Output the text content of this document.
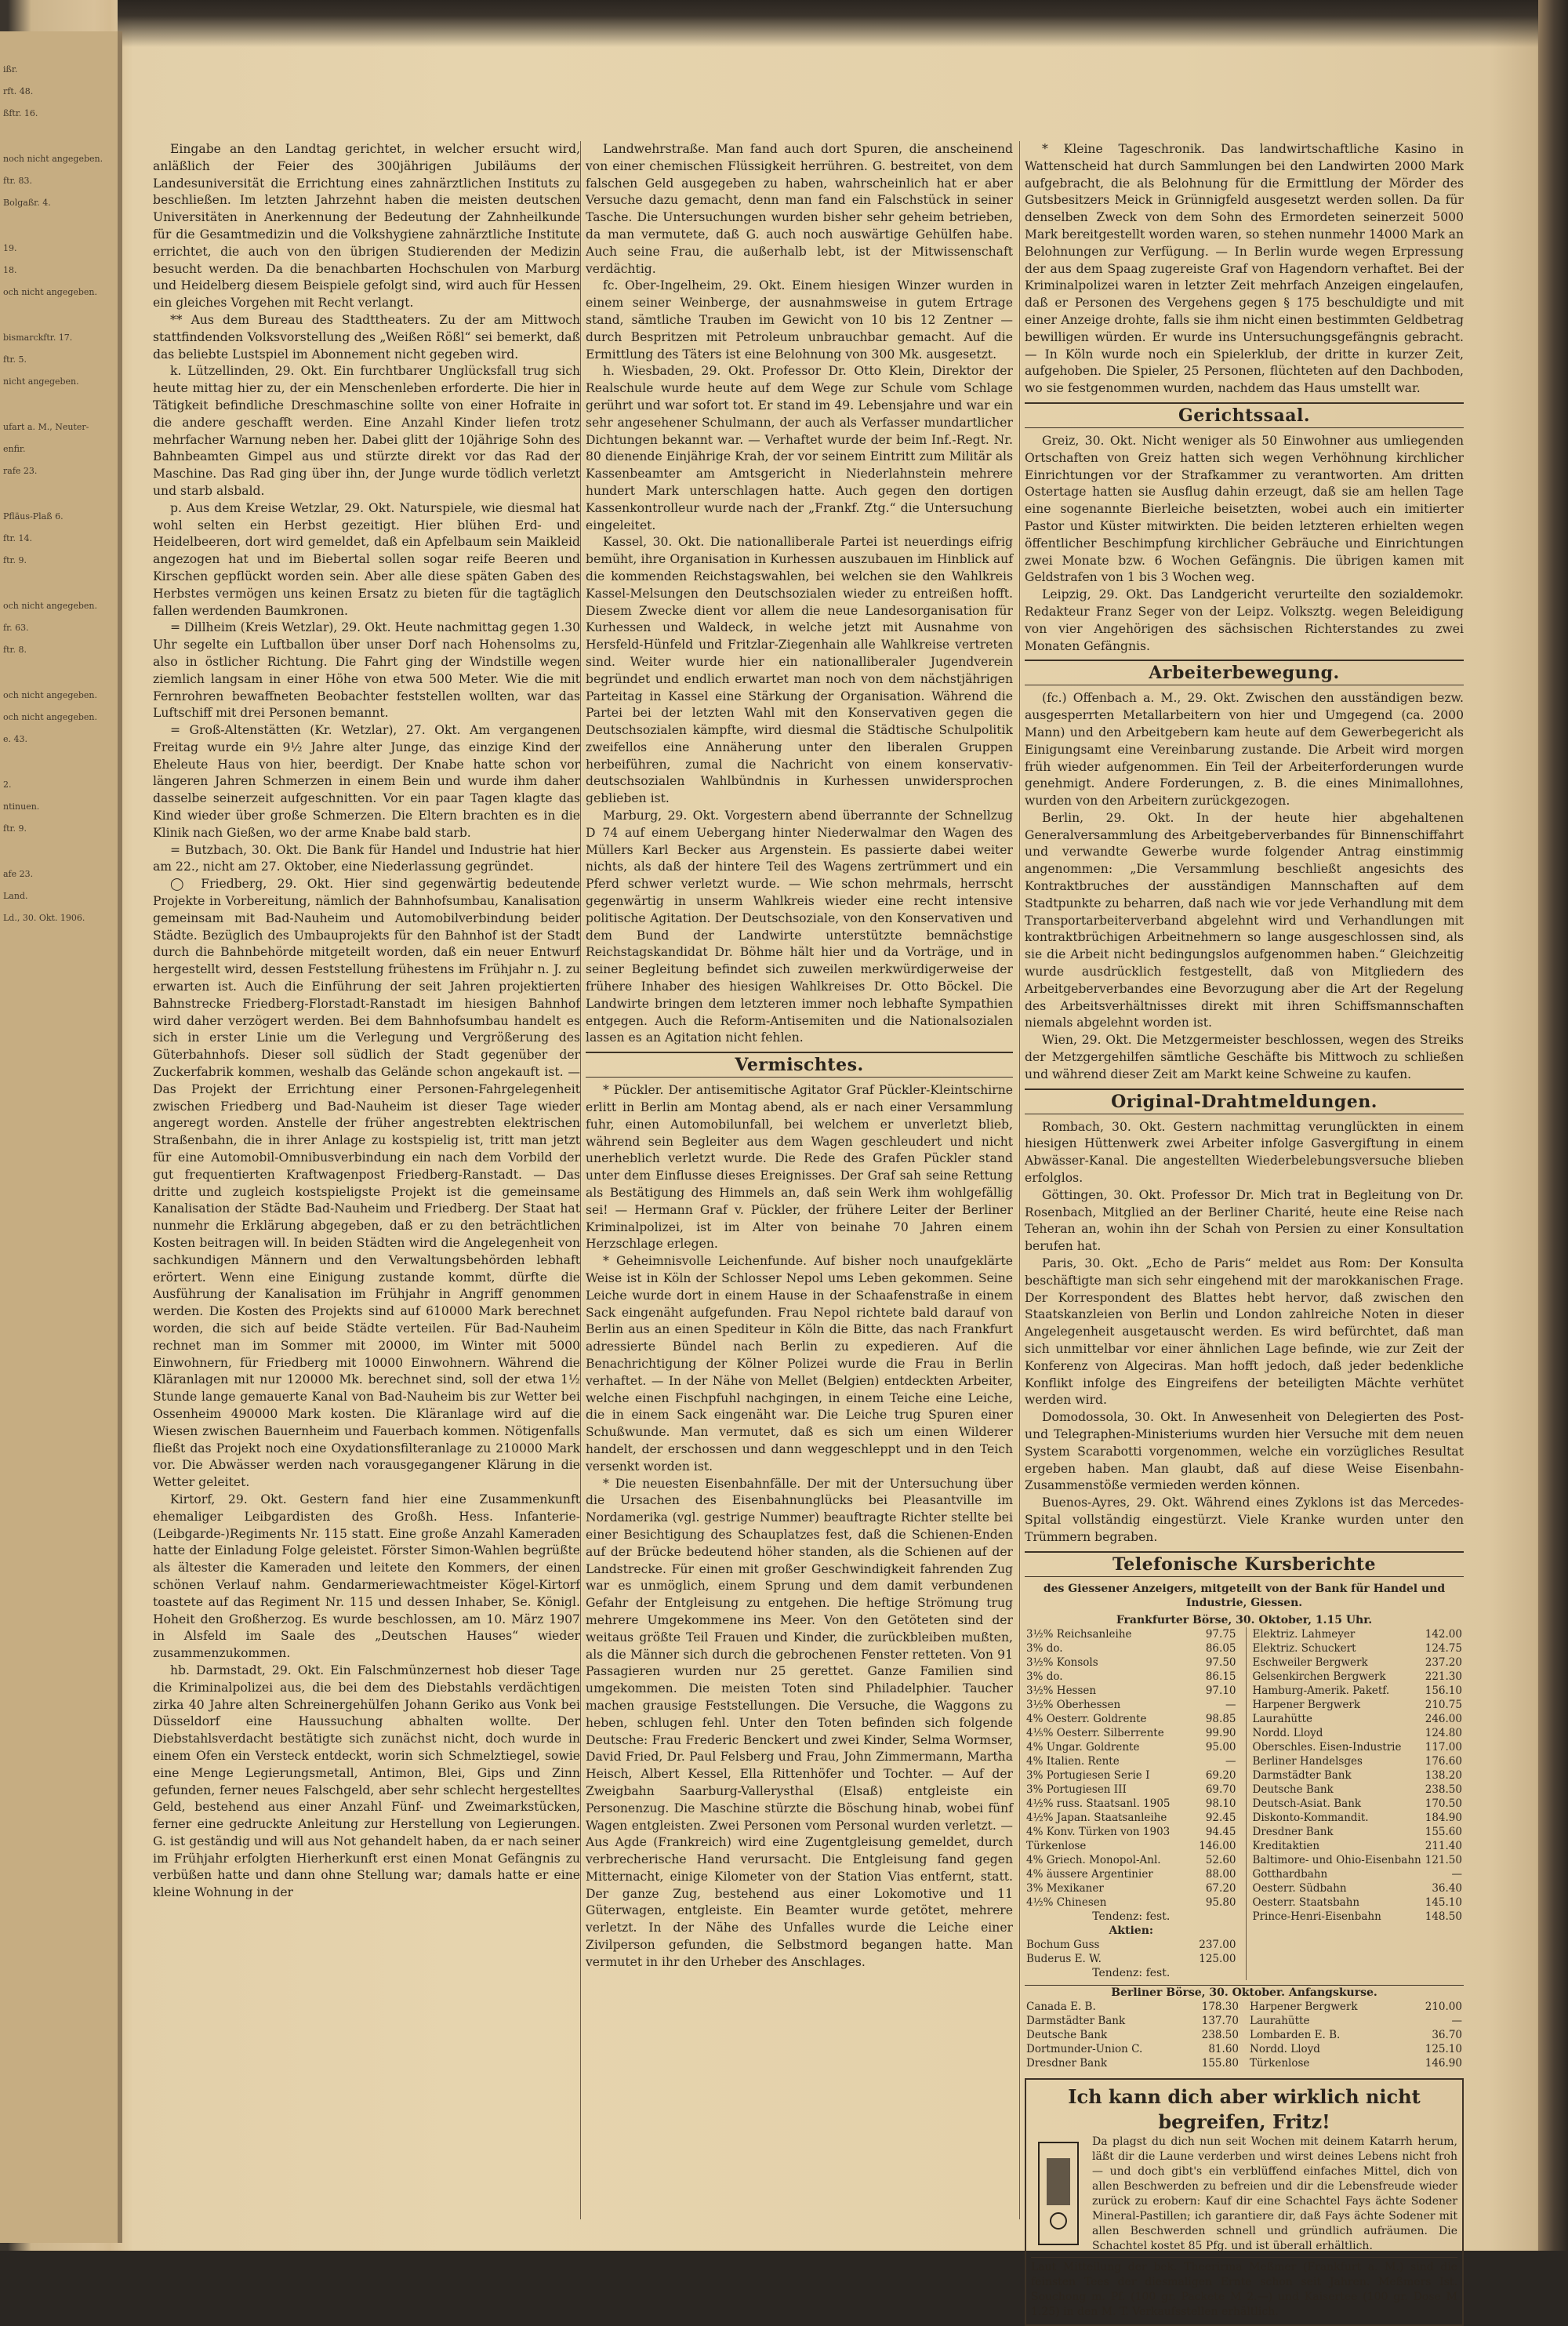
ißr.
rft. 48.
ßftr. 16.
noch nicht angegeben.
ftr. 83.
Bolgaßr. 4.
19.
18.
och nicht angegeben.
bismarckftr. 17.
ftr. 5.
nicht angegeben.
ufart a. M., Neuter-
enfir.
rafe 23.
Pfläus-Plaß 6.
ftr. 14.
ftr. 9.
och nicht angegeben.
fr. 63.
ftr. 8.
och nicht angegeben.
och nicht angegeben.
e. 43.
2.
ntinuen.
ftr. 9.
afe 23.
Land.
Ld., 30. Okt. 1906.

Eingabe an den Landtag gerichtet, in welcher ersucht wird, anläßlich der Feier des 300jährigen Jubiläums der Landesuniversität die Errichtung eines zahnärztlichen Instituts zu beschließen. Im letzten Jahrzehnt haben die meisten deutschen Universitäten in Anerkennung der Bedeutung der Zahnheilkunde für die Gesamtmedizin und die Volkshygiene zahnärztliche Institute errichtet, die auch von den übrigen Studierenden der Medizin besucht werden. Da die benachbarten Hochschulen von Marburg und Heidelberg diesem Beispiele gefolgt sind, wird auch für Hessen ein gleiches Vorgehen mit Recht verlangt.

** Aus dem Bureau des Stadttheaters. Zu der am Mittwoch stattfindenden Volksvorstellung des „Weißen Rößl“ sei bemerkt, daß das beliebte Lustspiel im Abonnement nicht gegeben wird.

k. Lützellinden, 29. Okt. Ein furchtbarer Unglücksfall trug sich heute mittag hier zu, der ein Menschenleben erforderte. Die hier in Tätigkeit befindliche Dreschmaschine sollte von einer Hofraite in die andere geschafft werden. Eine Anzahl Kinder liefen trotz mehrfacher Warnung neben her. Dabei glitt der 10jährige Sohn des Bahnbeamten Gimpel aus und stürzte direkt vor das Rad der Maschine. Das Rad ging über ihn, der Junge wurde tödlich verletzt und starb alsbald.

p. Aus dem Kreise Wetzlar, 29. Okt. Naturspiele, wie diesmal hat wohl selten ein Herbst gezeitigt. Hier blühen Erd- und Heidelbeeren, dort wird gemeldet, daß ein Apfelbaum sein Maikleid angezogen hat und im Biebertal sollen sogar reife Beeren und Kirschen gepflückt worden sein. Aber alle diese späten Gaben des Herbstes vermögen uns keinen Ersatz zu bieten für die tagtäglich fallen werdenden Baumkronen.

= Dillheim (Kreis Wetzlar), 29. Okt. Heute nachmittag gegen 1.30 Uhr segelte ein Luftballon über unser Dorf nach Hohensolms zu, also in östlicher Richtung. Die Fahrt ging der Windstille wegen ziemlich langsam in einer Höhe von etwa 500 Meter. Wie die mit Fernrohren bewaffneten Beobachter feststellen wollten, war das Luftschiff mit drei Personen bemannt.

= Groß-Altenstätten (Kr. Wetzlar), 27. Okt. Am vergangenen Freitag wurde ein 9½ Jahre alter Junge, das einzige Kind der Eheleute Haus von hier, beerdigt. Der Knabe hatte schon vor längeren Jahren Schmerzen in einem Bein und wurde ihm daher dasselbe seinerzeit aufgeschnitten. Vor ein paar Tagen klagte das Kind wieder über große Schmerzen. Die Eltern brachten es in die Klinik nach Gießen, wo der arme Knabe bald starb.

= Butzbach, 30. Okt. Die Bank für Handel und Industrie hat hier am 22., nicht am 27. Oktober, eine Niederlassung gegründet.

◯ Friedberg, 29. Okt. Hier sind gegenwärtig bedeutende Projekte in Vorbereitung, nämlich der Bahnhofsumbau, Kanalisation gemeinsam mit Bad-Nauheim und Automobilverbindung beider Städte. Bezüglich des Umbauprojekts für den Bahnhof ist der Stadt durch die Bahnbehörde mitgeteilt worden, daß ein neuer Entwurf hergestellt wird, dessen Feststellung frühestens im Frühjahr n. J. zu erwarten ist. Auch die Einführung der seit Jahren projektierten Bahnstrecke Friedberg-Florstadt-Ranstadt im hiesigen Bahnhof wird daher verzögert werden. Bei dem Bahnhofsumbau handelt es sich in erster Linie um die Verlegung und Vergrößerung des Güterbahnhofs. Dieser soll südlich der Stadt gegenüber der Zuckerfabrik kommen, weshalb das Gelände schon angekauft ist. — Das Projekt der Errichtung einer Personen-Fahrgelegenheit zwischen Friedberg und Bad-Nauheim ist dieser Tage wieder angeregt worden. Anstelle der früher angestrebten elektrischen Straßenbahn, die in ihrer Anlage zu kostspielig ist, tritt man jetzt für eine Automobil-Omnibusverbindung ein nach dem Vorbild der gut frequentierten Kraftwagenpost Friedberg-Ranstadt. — Das dritte und zugleich kostspieligste Projekt ist die gemeinsame Kanalisation der Städte Bad-Nauheim und Friedberg. Der Staat hat nunmehr die Erklärung abgegeben, daß er zu den beträchtlichen Kosten beitragen will. In beiden Städten wird die Angelegenheit von sachkundigen Männern und den Verwaltungsbehörden lebhaft erörtert. Wenn eine Einigung zustande kommt, dürfte die Ausführung der Kanalisation im Frühjahr in Angriff genommen werden. Die Kosten des Projekts sind auf 610000 Mark berechnet worden, die sich auf beide Städte verteilen. Für Bad-Nauheim rechnet man im Sommer mit 20000, im Winter mit 5000 Einwohnern, für Friedberg mit 10000 Einwohnern. Während die Kläranlagen mit nur 120000 Mk. berechnet sind, soll der etwa 1½ Stunde lange gemauerte Kanal von Bad-Nauheim bis zur Wetter bei Ossenheim 490000 Mark kosten. Die Kläranlage wird auf die Wiesen zwischen Bauernheim und Fauerbach kommen. Nötigenfalls fließt das Projekt noch eine Oxydationsfilteranlage zu 210000 Mark vor. Die Abwässer werden nach vorausgegangener Klärung in die Wetter geleitet.

Kirtorf, 29. Okt. Gestern fand hier eine Zusammenkunft ehemaliger Leibgardisten des Großh. Hess. Infanterie-(Leibgarde-)Regiments Nr. 115 statt. Eine große Anzahl Kameraden hatte der Einladung Folge geleistet. Förster Simon-Wahlen begrüßte als ältester die Kameraden und leitete den Kommers, der einen schönen Verlauf nahm. Gendarmeriewachtmeister Kögel-Kirtorf toastete auf das Regiment Nr. 115 und dessen Inhaber, Se. Königl. Hoheit den Großherzog. Es wurde beschlossen, am 10. März 1907 in Alsfeld im Saale des „Deutschen Hauses“ wieder zusammenzukommen.

hb. Darmstadt, 29. Okt. Ein Falschmünzernest hob dieser Tage die Kriminalpolizei aus, die bei dem des Diebstahls verdächtigen zirka 40 Jahre alten Schreinergehülfen Johann Geriko aus Vonk bei Düsseldorf eine Haussuchung abhalten wollte. Der Diebstahlsverdacht bestätigte sich zunächst nicht, doch wurde in einem Ofen ein Versteck entdeckt, worin sich Schmelztiegel, sowie eine Menge Legierungsmetall, Antimon, Blei, Gips und Zinn gefunden, ferner neues Falschgeld, aber sehr schlecht hergestelltes Geld, bestehend aus einer Anzahl Fünf- und Zweimarkstücken, ferner eine gedruckte Anleitung zur Herstellung von Legierungen. G. ist geständig und will aus Not gehandelt haben, da er nach seiner im Frühjahr erfolgten Hierherkunft erst einen Monat Gefängnis zu verbüßen hatte und dann ohne Stellung war; damals hatte er eine kleine Wohnung in der

Landwehrstraße. Man fand auch dort Spuren, die anscheinend von einer chemischen Flüssigkeit herrühren. G. bestreitet, von dem falschen Geld ausgegeben zu haben, wahrscheinlich hat er aber Versuche dazu gemacht, denn man fand ein Falschstück in seiner Tasche. Die Untersuchungen wurden bisher sehr geheim betrieben, da man vermutete, daß G. auch noch auswärtige Gehülfen habe. Auch seine Frau, die außerhalb lebt, ist der Mitwissenschaft verdächtig.

fc. Ober-Ingelheim, 29. Okt. Einem hiesigen Winzer wurden in einem seiner Weinberge, der ausnahmsweise in gutem Ertrage stand, sämtliche Trauben im Gewicht von 10 bis 12 Zentner — durch Bespritzen mit Petroleum unbrauchbar gemacht. Auf die Ermittlung des Täters ist eine Belohnung von 300 Mk. ausgesetzt.

h. Wiesbaden, 29. Okt. Professor Dr. Otto Klein, Direktor der Realschule wurde heute auf dem Wege zur Schule vom Schlage gerührt und war sofort tot. Er stand im 49. Lebensjahre und war ein sehr angesehener Schulmann, der auch als Verfasser mundartlicher Dichtungen bekannt war. — Verhaftet wurde der beim Inf.-Regt. Nr. 80 dienende Einjährige Krah, der vor seinem Eintritt zum Militär als Kassenbeamter am Amtsgericht in Niederlahnstein mehrere hundert Mark unterschlagen hatte. Auch gegen den dortigen Kassenkontrolleur wurde nach der „Frankf. Ztg.“ die Untersuchung eingeleitet.

Kassel, 30. Okt. Die nationalliberale Partei ist neuerdings eifrig bemüht, ihre Organisation in Kurhessen auszubauen im Hinblick auf die kommenden Reichstagswahlen, bei welchen sie den Wahlkreis Kassel-Melsungen den Deutschsozialen wieder zu entreißen hofft. Diesem Zwecke dient vor allem die neue Landesorganisation für Kurhessen und Waldeck, in welche jetzt mit Ausnahme von Hersfeld-Hünfeld und Fritzlar-Ziegenhain alle Wahlkreise vertreten sind. Weiter wurde hier ein nationalliberaler Jugendverein begründet und endlich erwartet man noch von dem nächstjährigen Parteitag in Kassel eine Stärkung der Organisation. Während die Partei bei der letzten Wahl mit den Konservativen gegen die Deutschsozialen kämpfte, wird diesmal die Städtische Schulpolitik zweifellos eine Annäherung unter den liberalen Gruppen herbeiführen, zumal die Nachricht von einem konservativ-deutschsozialen Wahlbündnis in Kurhessen unwidersprochen geblieben ist.

Marburg, 29. Okt. Vorgestern abend überrannte der Schnellzug D 74 auf einem Uebergang hinter Niederwalmar den Wagen des Müllers Karl Becker aus Argenstein. Es passierte dabei weiter nichts, als daß der hintere Teil des Wagens zertrümmert und ein Pferd schwer verletzt wurde. — Wie schon mehrmals, herrscht gegenwärtig in unserm Wahlkreis wieder eine recht intensive politische Agitation. Der Deutschsoziale, von den Konservativen und dem Bund der Landwirte unterstützte bemnächstige Reichstagskandidat Dr. Böhme hält hier und da Vorträge, und in seiner Begleitung befindet sich zuweilen merkwürdigerweise der frühere Inhaber des hiesigen Wahlkreises Dr. Otto Böckel. Die Landwirte bringen dem letzteren immer noch lebhafte Sympathien entgegen. Auch die Reform-Antisemiten und die Nationalsozialen lassen es an Agitation nicht fehlen.

Vermischtes.

* Pückler. Der antisemitische Agitator Graf Pückler-Kleintschirne erlitt in Berlin am Montag abend, als er nach einer Versammlung fuhr, einen Automobilunfall, bei welchem er unverletzt blieb, während sein Begleiter aus dem Wagen geschleudert und nicht unerheblich verletzt wurde. Die Rede des Grafen Pückler stand unter dem Einflusse dieses Ereignisses. Der Graf sah seine Rettung als Bestätigung des Himmels an, daß sein Werk ihm wohlgefällig sei! — Hermann Graf v. Pückler, der frühere Leiter der Berliner Kriminalpolizei, ist im Alter von beinahe 70 Jahren einem Herzschlage erlegen.

* Geheimnisvolle Leichenfunde. Auf bisher noch unaufgeklärte Weise ist in Köln der Schlosser Nepol ums Leben gekommen. Seine Leiche wurde dort in einem Hause in der Schaafenstraße in einem Sack eingenäht aufgefunden. Frau Nepol richtete bald darauf von Berlin aus an einen Spediteur in Köln die Bitte, das nach Frankfurt adressierte Bündel nach Berlin zu expedieren. Auf die Benachrichtigung der Kölner Polizei wurde die Frau in Berlin verhaftet. — In der Nähe von Mellet (Belgien) entdeckten Arbeiter, welche einen Fischpfuhl nachgingen, in einem Teiche eine Leiche, die in einem Sack eingenäht war. Die Leiche trug Spuren einer Schußwunde. Man vermutet, daß es sich um einen Wilderer handelt, der erschossen und dann weggeschleppt und in den Teich versenkt worden ist.

* Die neuesten Eisenbahnfälle. Der mit der Untersuchung über die Ursachen des Eisenbahnunglücks bei Pleasantville im Nordamerika (vgl. gestrige Nummer) beauftragte Richter stellte bei einer Besichtigung des Schauplatzes fest, daß die Schienen-Enden auf der Brücke bedeutend höher standen, als die Schienen auf der Landstrecke. Für einen mit großer Geschwindigkeit fahrenden Zug war es unmöglich, einem Sprung und dem damit verbundenen Gefahr der Entgleisung zu entgehen. Die heftige Strömung trug mehrere Umgekommene ins Meer. Von den Getöteten sind der weitaus größte Teil Frauen und Kinder, die zurückbleiben mußten, als die Männer sich durch die gebrochenen Fenster retteten. Von 91 Passagieren wurden nur 25 gerettet. Ganze Familien sind umgekommen. Die meisten Toten sind Philadelphier. Taucher machen grausige Feststellungen. Die Versuche, die Waggons zu heben, schlugen fehl. Unter den Toten befinden sich folgende Deutsche: Frau Frederic Benckert und zwei Kinder, Selma Wormser, David Fried, Dr. Paul Felsberg und Frau, John Zimmermann, Martha Heisch, Albert Kessel, Ella Rittenhöfer und Tochter. — Auf der Zweigbahn Saarburg-Vallerysthal (Elsaß) entgleiste ein Personenzug. Die Maschine stürzte die Böschung hinab, wobei fünf Wagen entgleisten. Zwei Personen vom Personal wurden verletzt. — Aus Agde (Frankreich) wird eine Zugentgleisung gemeldet, durch verbrecherische Hand verursacht. Die Entgleisung fand gegen Mitternacht, einige Kilometer von der Station Vias entfernt, statt. Der ganze Zug, bestehend aus einer Lokomotive und 11 Güterwagen, entgleiste. Ein Beamter wurde getötet, mehrere verletzt. In der Nähe des Unfalles wurde die Leiche einer Zivilperson gefunden, die Selbstmord begangen hatte. Man vermutet in ihr den Urheber des Anschlages.

* Kleine Tageschronik. Das landwirtschaftliche Kasino in Wattenscheid hat durch Sammlungen bei den Landwirten 2000 Mark aufgebracht, die als Belohnung für die Ermittlung der Mörder des Gutsbesitzers Meick in Grünnigfeld ausgesetzt werden sollen. Da für denselben Zweck von dem Sohn des Ermordeten seinerzeit 5000 Mark bereitgestellt worden waren, so stehen nunmehr 14000 Mark an Belohnungen zur Verfügung. — In Berlin wurde wegen Erpressung der aus dem Spaag zugereiste Graf von Hagendorn verhaftet. Bei der Kriminalpolizei waren in letzter Zeit mehrfach Anzeigen eingelaufen, daß er Personen des Vergehens gegen § 175 beschuldigte und mit einer Anzeige drohte, falls sie ihm nicht einen bestimmten Geldbetrag bewilligen würden. Er wurde ins Untersuchungsgefängnis gebracht. — In Köln wurde noch ein Spielerklub, der dritte in kurzer Zeit, aufgehoben. Die Spieler, 25 Personen, flüchteten auf den Dachboden, wo sie festgenommen wurden, nachdem das Haus umstellt war.

Gerichtssaal.

Greiz, 30. Okt. Nicht weniger als 50 Einwohner aus umliegenden Ortschaften von Greiz hatten sich wegen Verhöhnung kirchlicher Einrichtungen vor der Strafkammer zu verantworten. Am dritten Ostertage hatten sie Ausflug dahin erzeugt, daß sie am hellen Tage eine sogenannte Bierleiche beisetzten, wobei auch ein imitierter Pastor und Küster mitwirkten. Die beiden letzteren erhielten wegen öffentlicher Beschimpfung kirchlicher Gebräuche und Einrichtungen zwei Monate bzw. 6 Wochen Gefängnis. Die übrigen kamen mit Geldstrafen von 1 bis 3 Wochen weg.

Leipzig, 29. Okt. Das Landgericht verurteilte den sozialdemokr. Redakteur Franz Seger von der Leipz. Volksztg. wegen Beleidigung von vier Angehörigen des sächsischen Richterstandes zu zwei Monaten Gefängnis.

Arbeiterbewegung.

(fc.) Offenbach a. M., 29. Okt. Zwischen den ausständigen bezw. ausgesperrten Metallarbeitern von hier und Umgegend (ca. 2000 Mann) und den Arbeitgebern kam heute auf dem Gewerbegericht als Einigungsamt eine Vereinbarung zustande. Die Arbeit wird morgen früh wieder aufgenommen. Ein Teil der Arbeiterforderungen wurde genehmigt. Andere Forderungen, z. B. die eines Minimallohnes, wurden von den Arbeitern zurückgezogen.

Berlin, 29. Okt. In der heute hier abgehaltenen Generalversammlung des Arbeitgeberverbandes für Binnenschiffahrt und verwandte Gewerbe wurde folgender Antrag einstimmig angenommen: „Die Versammlung beschließt angesichts des Kontraktbruches der ausständigen Mannschaften auf dem Stadtpunkte zu beharren, daß nach wie vor jede Verhandlung mit dem Transportarbeiterverband abgelehnt wird und Verhandlungen mit kontraktbrüchigen Arbeitnehmern so lange ausgeschlossen sind, als sie die Arbeit nicht bedingungslos aufgenommen haben.“ Gleichzeitig wurde ausdrücklich festgestellt, daß von Mitgliedern des Arbeitgeberverbandes eine Bevorzugung aber die Art der Regelung des Arbeitsverhältnisses direkt mit ihren Schiffsmannschaften niemals abgelehnt worden ist.

Wien, 29. Okt. Die Metzgermeister beschlossen, wegen des Streiks der Metzgergehilfen sämtliche Geschäfte bis Mittwoch zu schließen und während dieser Zeit am Markt keine Schweine zu kaufen.

Original-Drahtmeldungen.

Rombach, 30. Okt. Gestern nachmittag verunglückten in einem hiesigen Hüttenwerk zwei Arbeiter infolge Gasvergiftung in einem Abwässer-Kanal. Die angestellten Wiederbelebungsversuche blieben erfolglos.

Göttingen, 30. Okt. Professor Dr. Mich trat in Begleitung von Dr. Rosenbach, Mitglied an der Berliner Charité, heute eine Reise nach Teheran an, wohin ihn der Schah von Persien zu einer Konsultation berufen hat.

Paris, 30. Okt. „Echo de Paris“ meldet aus Rom: Der Konsulta beschäftigte man sich sehr eingehend mit der marokkanischen Frage. Der Korrespondent des Blattes hebt hervor, daß zwischen den Staatskanzleien von Berlin und London zahlreiche Noten in dieser Angelegenheit ausgetauscht werden. Es wird befürchtet, daß man sich unmittelbar vor einer ähnlichen Lage befinde, wie zur Zeit der Konferenz von Algeciras. Man hofft jedoch, daß jeder bedenkliche Konflikt infolge des Eingreifens der beteiligten Mächte verhütet werden wird.

Domodossola, 30. Okt. In Anwesenheit von Delegierten des Post- und Telegraphen-Ministeriums wurden hier Versuche mit dem neuen System Scarabotti vorgenommen, welche ein vorzügliches Resultat ergeben haben. Man glaubt, daß auf diese Weise Eisenbahn-Zusammenstöße vermieden werden können.

Buenos-Ayres, 29. Okt. Während eines Zyklons ist das Mercedes-Spital vollständig eingestürzt. Viele Kranke wurden unter den Trümmern begraben.

Telefonische Kursberichte
des Giessener Anzeigers, mitgeteilt von der Bank für Handel und Industrie, Giessen.
Frankfurter Börse, 30. Oktober, 1.15 Uhr.
3½% Reichsanleihe	97.75
3% do.	86.05
3½% Konsols	97.50
3% do.	86.15
3½% Hessen	97.10
3½% Oberhessen	—
4% Oesterr. Goldrente	98.85
4⅕% Oesterr. Silberrente	99.90
4% Ungar. Goldrente	95.00
4% Italien. Rente	—
3% Portugiesen Serie I	69.20
3% Portugiesen III	69.70
4½% russ. Staatsanl. 1905	98.10
4½% Japan. Staatsanleihe	92.45
4% Konv. Türken von 1903	94.45
Türkenlose	146.00
4% Griech. Monopol-Anl.	52.60
4% äussere Argentinier	88.00
3% Mexikaner	67.20
4½% Chinesen	95.80
Tendenz: fest.
Aktien:
Bochum Guss	237.00
Buderus E. W.	125.00
Tendenz: fest.
Elektriz. Lahmeyer	142.00
Elektriz. Schuckert	124.75
Eschweiler Bergwerk	237.20
Gelsenkirchen Bergwerk	221.30
Hamburg-Amerik. Paketf.	156.10
Harpener Bergwerk	210.75
Laurahütte	246.00
Nordd. Lloyd	124.80
Oberschles. Eisen-Industrie	117.00
Berliner Handelsges	176.60
Darmstädter Bank	138.20
Deutsche Bank	238.50
Deutsch-Asiat. Bank	170.50
Diskonto-Kommandit.	184.90
Dresdner Bank	155.60
Kreditaktien	211.40
Baltimore- und Ohio-Eisenbahn	121.50
Gotthardbahn	—
Oesterr. Südbahn	36.40
Oesterr. Staatsbahn	145.10
Prince-Henri-Eisenbahn	148.50
Berliner Börse, 30. Oktober. Anfangskurse.
Canada E. B.	178.30
Darmstädter Bank	137.70
Deutsche Bank	238.50
Dortmunder-Union C.	81.60
Dresdner Bank	155.80
Harpener Bergwerk	210.00
Laurahütte	—
Lombarden E. B.	36.70
Nordd. Lloyd	125.10
Türkenlose	146.90
Ich kann dich aber wirklich nicht begreifen, Fritz!
Da plagst du dich nun seit Wochen mit deinem Katarrh herum, läßt dir die Laune verderben und wirst deines Lebens nicht froh — und doch gibt's ein verblüffend einfaches Mittel, dich von allen Beschwerden zu befreien und dir die Lebensfreude wieder zurück zu erobern: Kauf dir eine Schachtel Fays ächte Sodener Mineral-Pastillen; ich garantiere dir, daß Fays ächte Sodener mit allen Beschwerden schnell und gründlich aufräumen. Die Schachtel kostet 85 Pfg. und ist überall erhältlich.
Laut Mitteilung der bek. Theerirma Meßmer (Frankfurt a. M.) sind die feinsten Tees der diesmaligen Ernte schon seit Jahren. Meßmers Ist. Souchong m. Pf. (100 gr. Packete M 2.—) und Kaisertee (100 gr. Dose M 1.25) in den M. T. Verkaufsstellen erhältlich.
